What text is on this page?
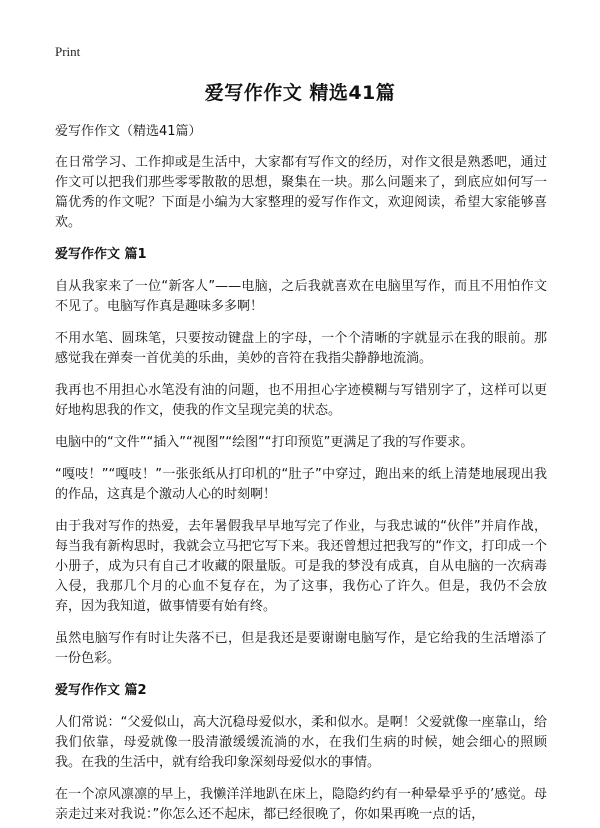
Print
爱写作作文 精选41篇
爱写作作文（精选41篇）

在日常学习、工作抑或是生活中，大家都有写作文的经历，对作文很是熟悉吧，通过作文可以把我们那些零零散散的思想，聚集在一块。那么问题来了，到底应如何写一篇优秀的作文呢？下面是小编为大家整理的爱写作作文，欢迎阅读，希望大家能够喜欢。

爱写作作文 篇1

自从我家来了一位“新客人”——电脑，之后我就喜欢在电脑里写作，而且不用怕作文不见了。电脑写作真是趣味多多啊！

不用水笔、圆珠笔，只要按动键盘上的字母，一个个清晰的字就显示在我的眼前。那感觉我在弹奏一首优美的乐曲，美妙的音符在我指尖静静地流淌。

我再也不用担心水笔没有油的问题，也不用担心字迹模糊与写错别字了，这样可以更好地构思我的作文，使我的作文呈现完美的状态。

电脑中的“文件”“插入”“视图”“绘图”“打印预览”更满足了我的写作要求。

“嘎吱！”“嘎吱！”一张张纸从打印机的“肚子”中穿过，跑出来的纸上清楚地展现出我的作品，这真是个激动人心的时刻啊！

由于我对写作的热爱，去年暑假我早早地写完了作业，与我忠诚的“伙伴”并肩作战，每当我有新构思时，我就会立马把它写下来。我还曾想过把我写的“作文，打印成一个小册子，成为只有自己才收藏的限量版。可是我的梦没有成真，自从电脑的一次病毒入侵，我那几个月的心血不复存在，为了这事，我伤心了许久。但是，我仍不会放弃，因为我知道，做事情要有始有终。

虽然电脑写作有时让失落不已，但是我还是要谢谢电脑写作，是它给我的生活增添了一份色彩。

爱写作作文 篇2

人们常说：“父爱似山，高大沉稳母爱似水，柔和似水。是啊！父爱就像一座靠山，给我们依靠，母爱就像一股清澈缓缓流淌的水，在我们生病的时候，她会细心的照顾我。在我的生活中，就有给我印象深刻母爱似水的事情。

在一个凉风凛凛的早上，我懒洋洋地趴在床上，隐隐约约有一种晕晕乎乎的’感觉。母亲走过来对我说：”你怎么还不起床，都已经很晚了，你如果再晚一点的话，
